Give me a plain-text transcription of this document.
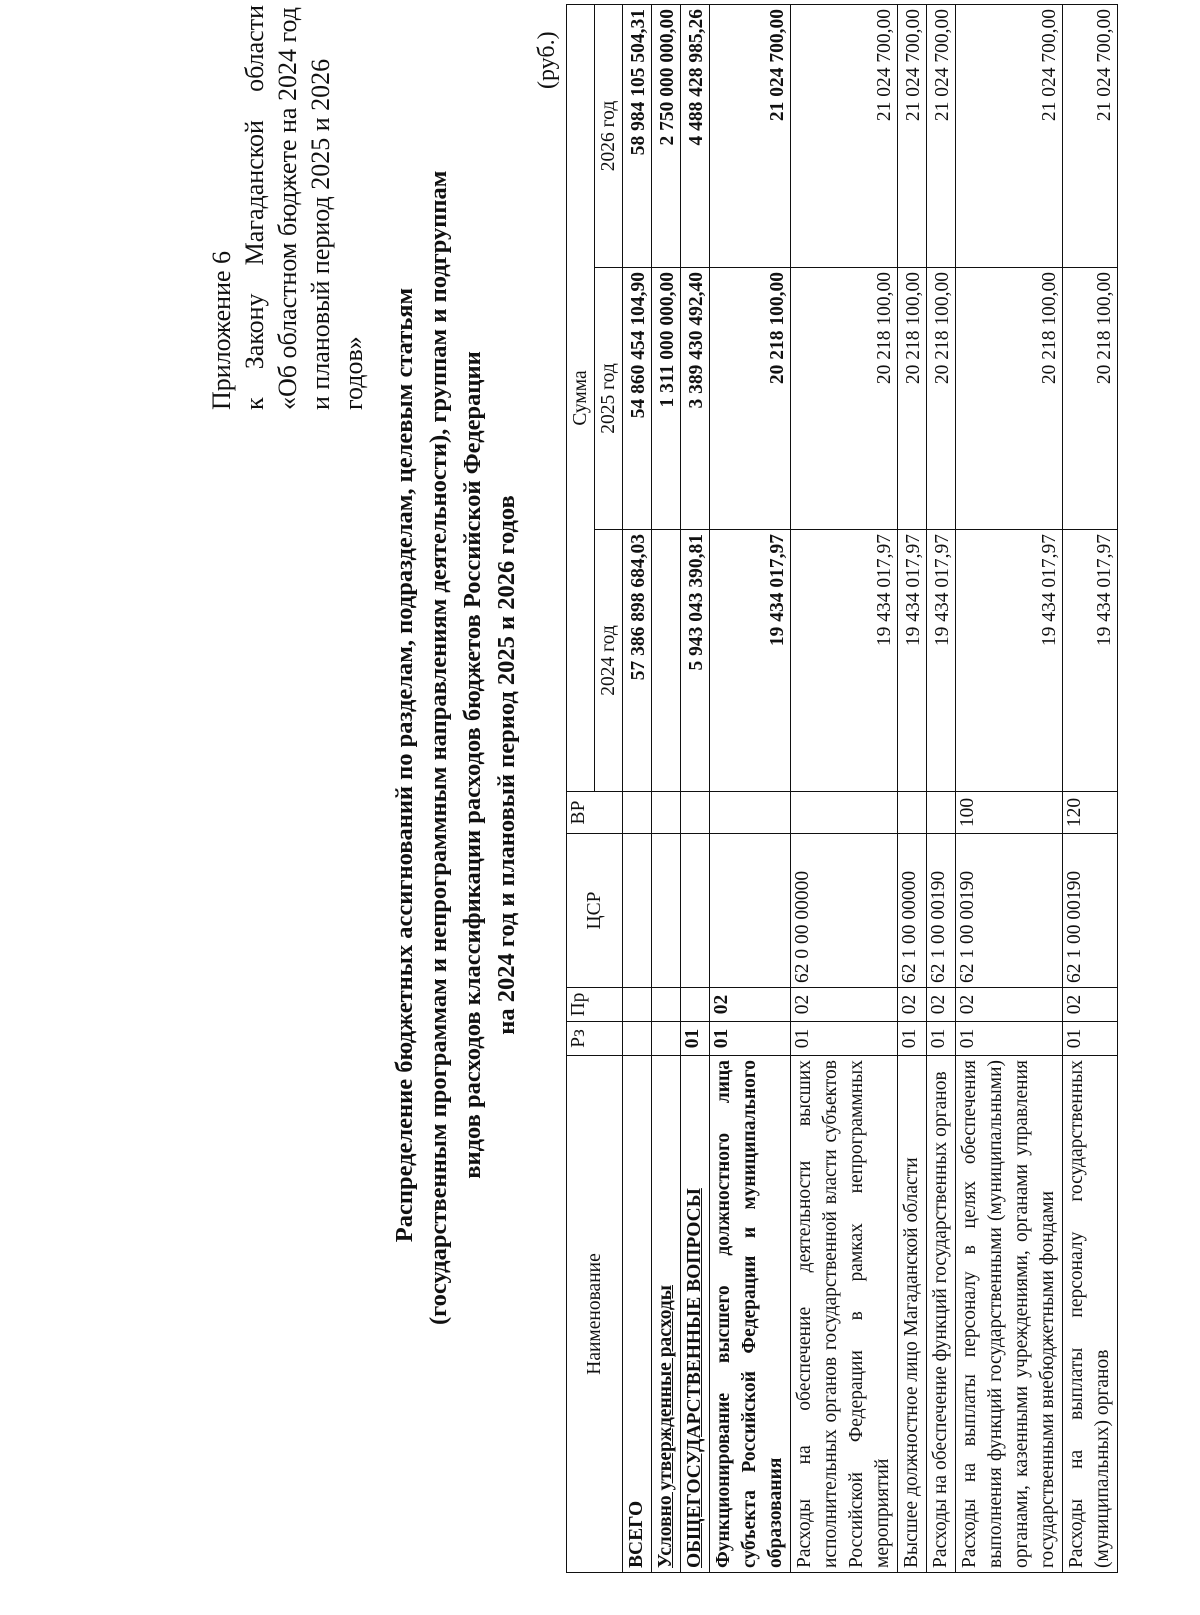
Приложение 6 к
Закону
Магаданской
области «Об областном бюджете на 2024 год и плановый период 2025 и 2026 годов» Распределение бюджетных ассигнований по разделам, подразделам, целевым статьям (государственным программам и непрограммным направлениям деятельности), группам и подгруппам видов расходов классификации расходов бюджетов Российской Федерации на 2024 год и плановый период 2025 и 2026 годов
(руб.)
Наименование	Рз	Пр	ЦСР	ВР	Сумма		
					2024 год	2025 год	2026 год
ВСЕГО					57 386 898 684,03	54 860 454 104,90	58 984 105 504,31
Условно утвержденные расходы						1 311 000 000,00	2 750 000 000,00
ОБЩЕГОСУДАРСТВЕННЫЕ ВОПРОСЫ	01				5 943 043 390,81	3 389 430 492,40	4 488 428 985,26
Функционирование высшего должностного лица субъекта Российской Федерации и муниципального образования	01	02			19 434 017,97	20 218 100,00	21 024 700,00
Расходы на обеспечение деятельности высших исполнительных органов государственной власти субъектов Российской Федерации в рамках непрограммных мероприятий	01	02	62 0 00 00000		19 434 017,97	20 218 100,00	21 024 700,00
Высшее должностное лицо Магаданской области	01	02	62 1 00 00000		19 434 017,97	20 218 100,00	21 024 700,00
Расходы на обеспечение функций государственных органов	01	02	62 1 00 00190		19 434 017,97	20 218 100,00	21 024 700,00
Расходы на выплаты персоналу в целях обеспечения выполнения функций государственными (муниципальными) органами, казенными учреждениями, органами управления государственными внебюджетными фондами	01	02	62 1 00 00190	100	19 434 017,97	20 218 100,00	21 024 700,00
Расходы на выплаты персоналу государственных (муниципальных) органов	01	02	62 1 00 00190	120	19 434 017,97	20 218 100,00	21 024 700,00
